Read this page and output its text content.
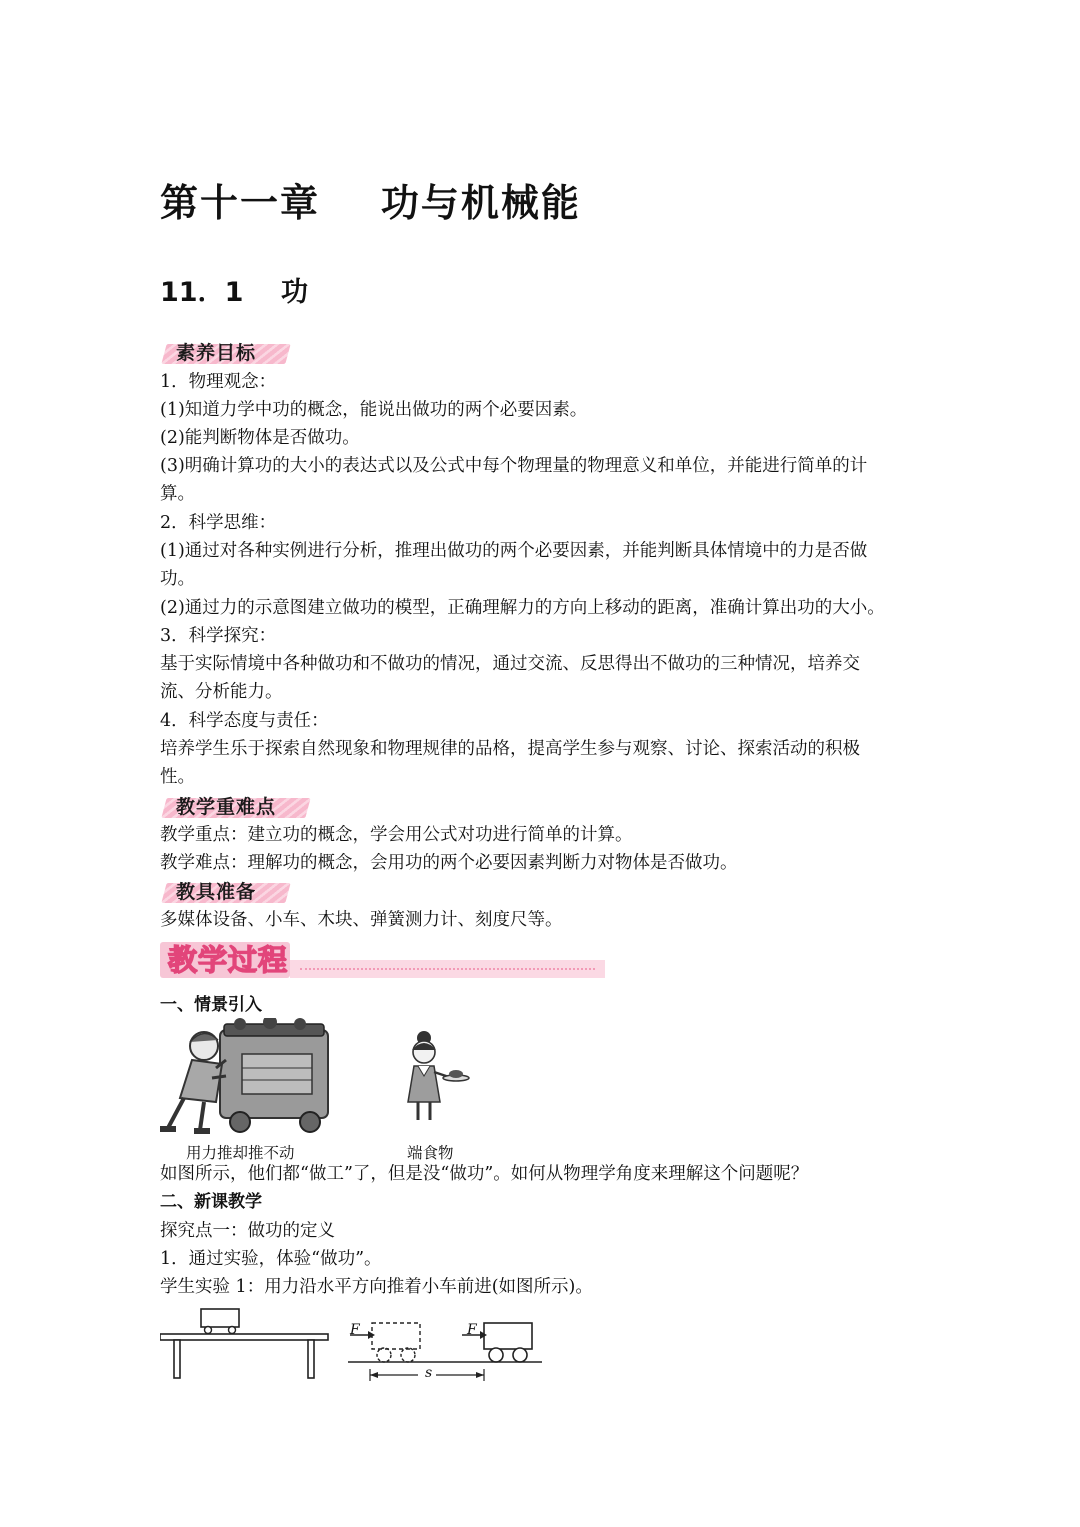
第十一章    功与机械能
11．1    功
素养目标
1．物理观念：
(1)知道力学中功的概念，能说出做功的两个必要因素。
(2)能判断物体是否做功。
(3)明确计算功的大小的表达式以及公式中每个物理量的物理意义和单位，并能进行简单的计
算。
2．科学思维：
(1)通过对各种实例进行分析，推理出做功的两个必要因素，并能判断具体情境中的力是否做
功。
(2)通过力的示意图建立做功的模型，正确理解力的方向上移动的距离，准确计算出功的大小。
3．科学探究：
基于实际情境中各种做功和不做功的情况，通过交流、反思得出不做功的三种情况，培养交
流、分析能力。
4．科学态度与责任：
培养学生乐于探索自然现象和物理规律的品格，提高学生参与观察、讨论、探索活动的积极
性。
教学重难点
教学重点：建立功的概念，学会用公式对功进行简单的计算。
教学难点：理解功的概念，会用功的两个必要因素判断力对物体是否做功。
教具准备
多媒体设备、小车、木块、弹簧测力计、刻度尺等。
教学过程
一、情景引入
用力推却推不动	端食物
如图所示，他们都“做工”了，但是没“做功”。如何从物理学角度来理解这个问题呢？
二、新课教学
探究点一：做功的定义
1．通过实验，体验“做功”。
学生实验 1：用力沿水平方向推着小车前进(如图所示)。
F	F
s
